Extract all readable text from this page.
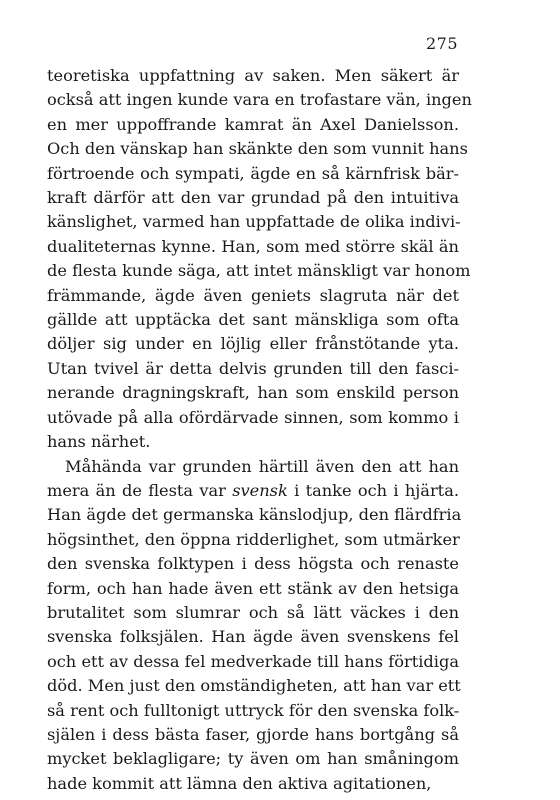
275
teoretiska uppfattning av saken. Men säkert är
också att ingen kunde vara en trofastare vän, ingen
en mer uppoffrande kamrat än Axel Danielsson.
Och den vänskap han skänkte den som vunnit hans
förtroende och sympati, ägde en så kärnfrisk bär-
kraft därför att den var grundad på den intuitiva
känslighet, varmed han uppfattade de olika indivi-
dualiteternas kynne. Han, som med större skäl än
de flesta kunde säga, att intet mänskligt var honom
främmande, ägde även geniets slagruta när det
gällde att upptäcka det sant mänskliga som ofta
döljer sig under en löjlig eller frånstötande yta.
Utan tvivel är detta delvis grunden till den fasci-
nerande dragningskraft, han som enskild person
utövade på alla ofördärvade sinnen, som kommo i
hans närhet.
Måhända var grunden härtill även den att han
mera än de flesta var svensk i tanke och i hjärta.
Han ägde det germanska känslodjup, den flärdfria
högsinthet, den öppna ridderlighet, som utmärker
den svenska folktypen i dess högsta och renaste
form, och han hade även ett stänk av den hetsiga
brutalitet som slumrar och så lätt väckes i den
svenska folksjälen. Han ägde även svenskens fel
och ett av dessa fel medverkade till hans förtidiga
död. Men just den omständigheten, att han var ett
så rent och fulltonigt uttryck för den svenska folk-
själen i dess bästa faser, gjorde hans bortgång så
mycket beklagligare; ty även om han småningom
hade kommit att lämna den aktiva agitationen,
